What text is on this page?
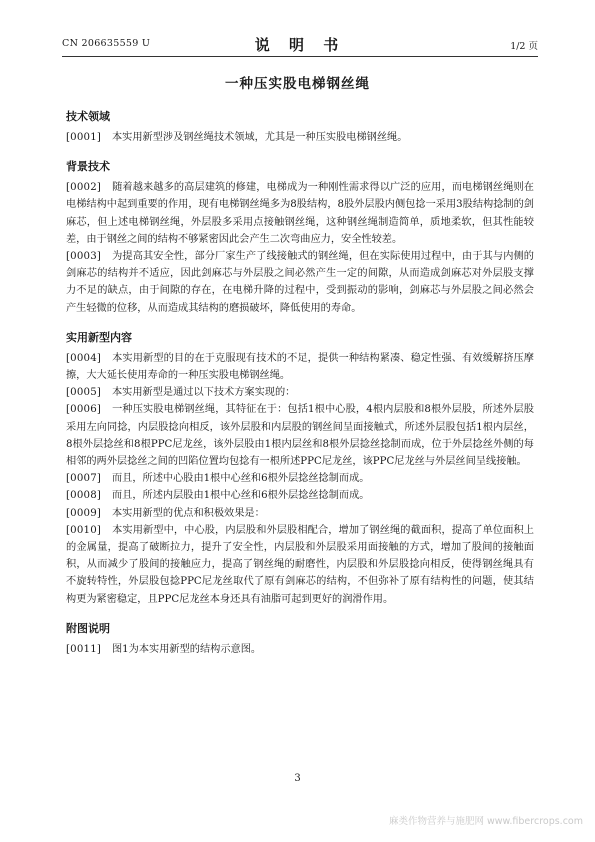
CN 206635559 U	说 明 书	1/2 页
一种压实股电梯钢丝绳
技术领域

[0001] 本实用新型涉及钢丝绳技术领域，尤其是一种压实股电梯钢丝绳。

背景技术

[0002] 随着越来越多的高层建筑的修建，电梯成为一种刚性需求得以广泛的应用，而电梯钢丝绳则在电梯结构中起到重要的作用，现有电梯钢丝绳多为8股结构，8股外层股内侧包捻一采用3股结构捻制的剑麻芯，但上述电梯钢丝绳，外层股多采用点接触钢丝绳，这种钢丝绳制造简单，质地柔软，但其性能较差，由于钢丝之间的结构不够紧密因此会产生二次弯曲应力，安全性较差。

[0003] 为提高其安全性，部分厂家生产了线接触式的钢丝绳，但在实际使用过程中，由于其与内侧的剑麻芯的结构并不适应，因此剑麻芯与外层股之间必然产生一定的间隙，从而造成剑麻芯对外层股支撑力不足的缺点，由于间隙的存在，在电梯升降的过程中，受到振动的影响，剑麻芯与外层股之间必然会产生轻微的位移，从而造成其结构的磨损破坏，降低使用的寿命。

实用新型内容

[0004] 本实用新型的目的在于克服现有技术的不足，提供一种结构紧凑、稳定性强、有效缓解挤压摩擦，大大延长使用寿命的一种压实股电梯钢丝绳。

[0005] 本实用新型是通过以下技术方案实现的：

[0006] 一种压实股电梯钢丝绳，其特征在于：包括1根中心股，4根内层股和8根外层股，所述外层股采用左向同捻，内层股捻向相反，该外层股和内层股的钢丝间呈面接触式，所述外层股包括1根内层丝，8根外层捻丝和8根PPC尼龙丝，该外层股由1根内层丝和8根外层捻丝捻制而成，位于外层捻丝外侧的每相邻的两外层捻丝之间的凹陷位置均包捻有一根所述PPC尼龙丝，该PPC尼龙丝与外层丝间呈线接触。

[0007] 而且，所述中心股由1根中心丝和6根外层捻丝捻制而成。

[0008] 而且，所述内层股由1根中心丝和6根外层捻丝捻制而成。

[0009] 本实用新型的优点和积极效果是：

[0010] 本实用新型中，中心股，内层股和外层股相配合，增加了钢丝绳的截面积，提高了单位面积上的金属量，提高了破断拉力，提升了安全性，内层股和外层股采用面接触的方式，增加了股间的接触面积，从而减少了股间的接触应力，提高了钢丝绳的耐磨性，内层股和外层股捻向相反，使得钢丝绳具有不旋转特性，外层股包捻PPC尼龙丝取代了原有剑麻芯的结构，不但弥补了原有结构性的问题，使其结构更为紧密稳定，且PPC尼龙丝本身还具有油脂可起到更好的润滑作用。

附图说明

[0011] 图1为本实用新型的结构示意图。

3
麻类作物营养与施肥网 www.fibercrops.com
